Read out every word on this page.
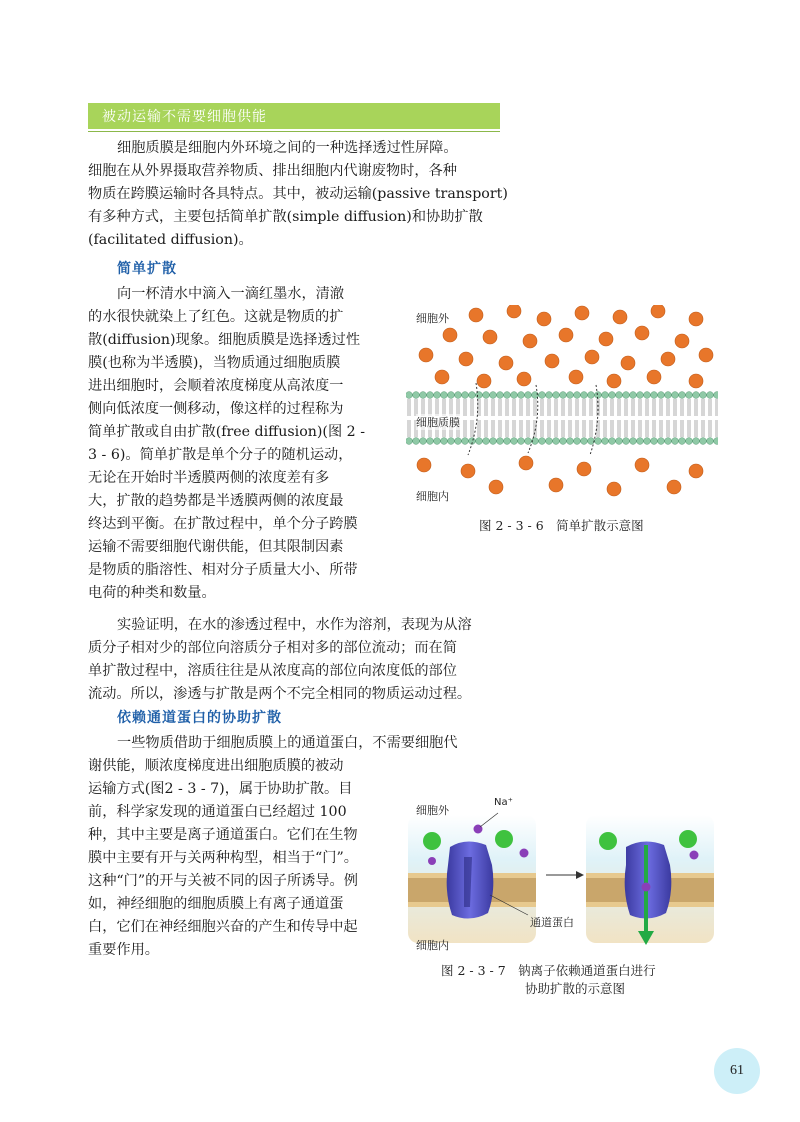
被动运输不需要细胞供能
细胞质膜是细胞内外环境之间的一种选择透过性屏障。
细胞在从外界摄取营养物质、排出细胞内代谢废物时，各种
物质在跨膜运输时各具特点。其中，被动运输(passive transport)
有多种方式，主要包括简单扩散(simple diffusion)和协助扩散
(facilitated diffusion)。
简单扩散
向一杯清水中滴入一滴红墨水，清澈
的水很快就染上了红色。这就是物质的扩
散(diffusion)现象。细胞质膜是选择透过性
膜(也称为半透膜)，当物质通过细胞质膜
进出细胞时，会顺着浓度梯度从高浓度一
侧向低浓度一侧移动，像这样的过程称为
简单扩散或自由扩散(free diffusion)(图 2 -
3 - 6)。简单扩散是单个分子的随机运动，
无论在开始时半透膜两侧的浓度差有多
大，扩散的趋势都是半透膜两侧的浓度最
终达到平衡。在扩散过程中，单个分子跨膜
运输不需要细胞代谢供能，但其限制因素
是物质的脂溶性、相对分子质量大小、所带
电荷的种类和数量。
细胞外
细胞质膜
细胞内
图 2 - 3 - 6　简单扩散示意图
实验证明，在水的渗透过程中，水作为溶剂，表现为从溶
质分子相对少的部位向溶质分子相对多的部位流动；而在简
单扩散过程中，溶质往往是从浓度高的部位向浓度低的部位
流动。所以，渗透与扩散是两个不完全相同的物质运动过程。
依赖通道蛋白的协助扩散
一些物质借助于细胞质膜上的通道蛋白，不需要细胞代
谢供能，顺浓度梯度进出细胞质膜的被动
运输方式(图2 - 3 - 7)，属于协助扩散。目
前，科学家发现的通道蛋白已经超过 100
种，其中主要是离子通道蛋白。它们在生物
膜中主要有开与关两种构型，相当于“门”。
这种“门”的开与关被不同的因子所诱导。例
如，神经细胞的细胞质膜上有离子通道蛋
白，它们在神经细胞兴奋的产生和传导中起
重要作用。
细胞外
Na⁺
通道蛋白
细胞内
图 2 - 3 - 7　钠离子依赖通道蛋白进行
协助扩散的示意图
61
